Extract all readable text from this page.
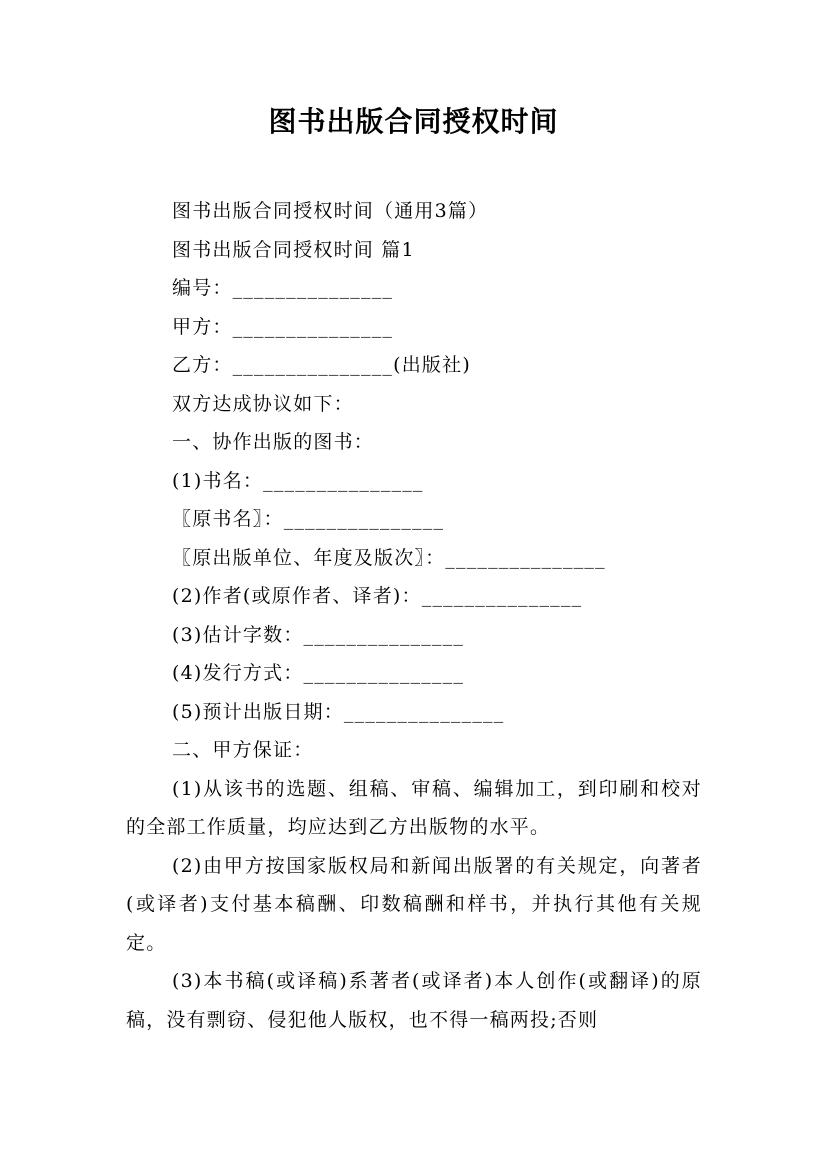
图书出版合同授权时间
图书出版合同授权时间（通用3篇）
图书出版合同授权时间 篇1
编号：_______________
甲方：_______________
乙方：_______________(出版社)
双方达成协议如下：
一、协作出版的图书：
(1)书名：_______________
〖原书名〗：_______________
〖原出版单位、年度及版次〗：_______________
(2)作者(或原作者、译者)：_______________
(3)估计字数：_______________
(4)发行方式：_______________
(5)预计出版日期：_______________
二、甲方保证：
(1)从该书的选题、组稿、审稿、编辑加工，到印刷和校对的全部工作质量，均应达到乙方出版物的水平。
(2)由甲方按国家版权局和新闻出版署的有关规定，向著者(或译者)支付基本稿酬、印数稿酬和样书，并执行其他有关规定。
(3)本书稿(或译稿)系著者(或译者)本人创作(或翻译)的原稿，没有剽窃、侵犯他人版权，也不得一稿两投;否则
